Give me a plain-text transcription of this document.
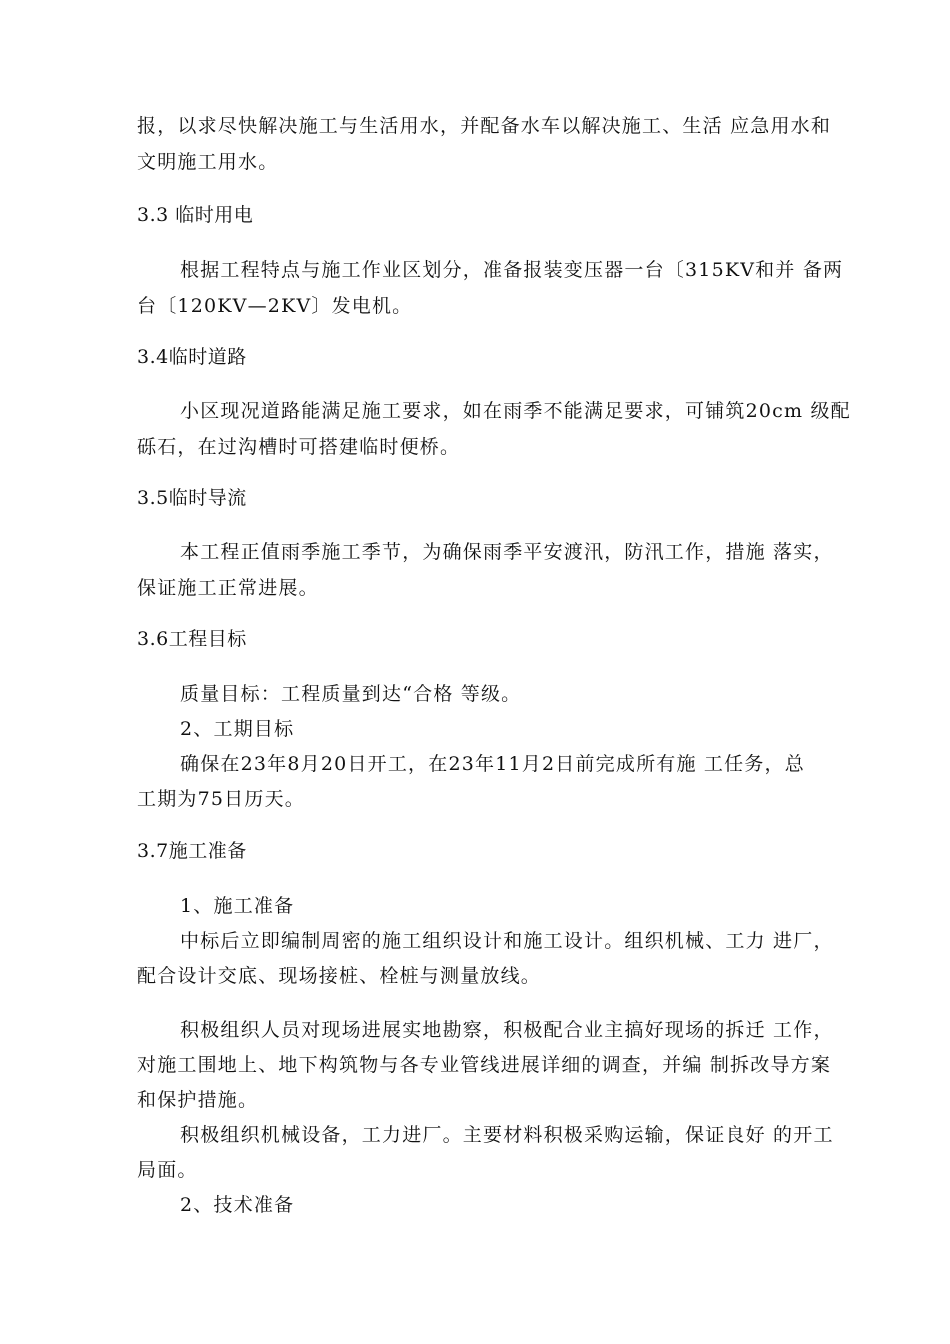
报，以求尽快解决施工与生活用水，并配备水车以解决施工、生活 应急用水和
文明施工用水。
3.3 临时用电
根据工程特点与施工作业区划分，准备报装变压器一台〔315KV和并 备两
台〔120KV—2KV〕发电机。
3.4临时道路
小区现况道路能满足施工要求，如在雨季不能满足要求，可铺筑20cm 级配
砾石，在过沟槽时可搭建临时便桥。
3.5临时导流
本工程正值雨季施工季节，为确保雨季平安渡汛，防汛工作，措施 落实，
保证施工正常进展。
3.6工程目标
质量目标：工程质量到达“合格 等级。
2、工期目标
确保在23年8月20日开工，在23年11月2日前完成所有施 工任务，总
工期为75日历天。
3.7施工准备
1、施工准备
中标后立即编制周密的施工组织设计和施工设计。组织机械、工力 进厂，
配合设计交底、现场接桩、栓桩与测量放线。
积极组织人员对现场进展实地勘察，积极配合业主搞好现场的拆迁 工作，
对施工围地上、地下构筑物与各专业管线进展详细的调查，并编 制拆改导方案
和保护措施。
积极组织机械设备，工力进厂。主要材料积极采购运输，保证良好 的开工
局面。
2、技术准备
